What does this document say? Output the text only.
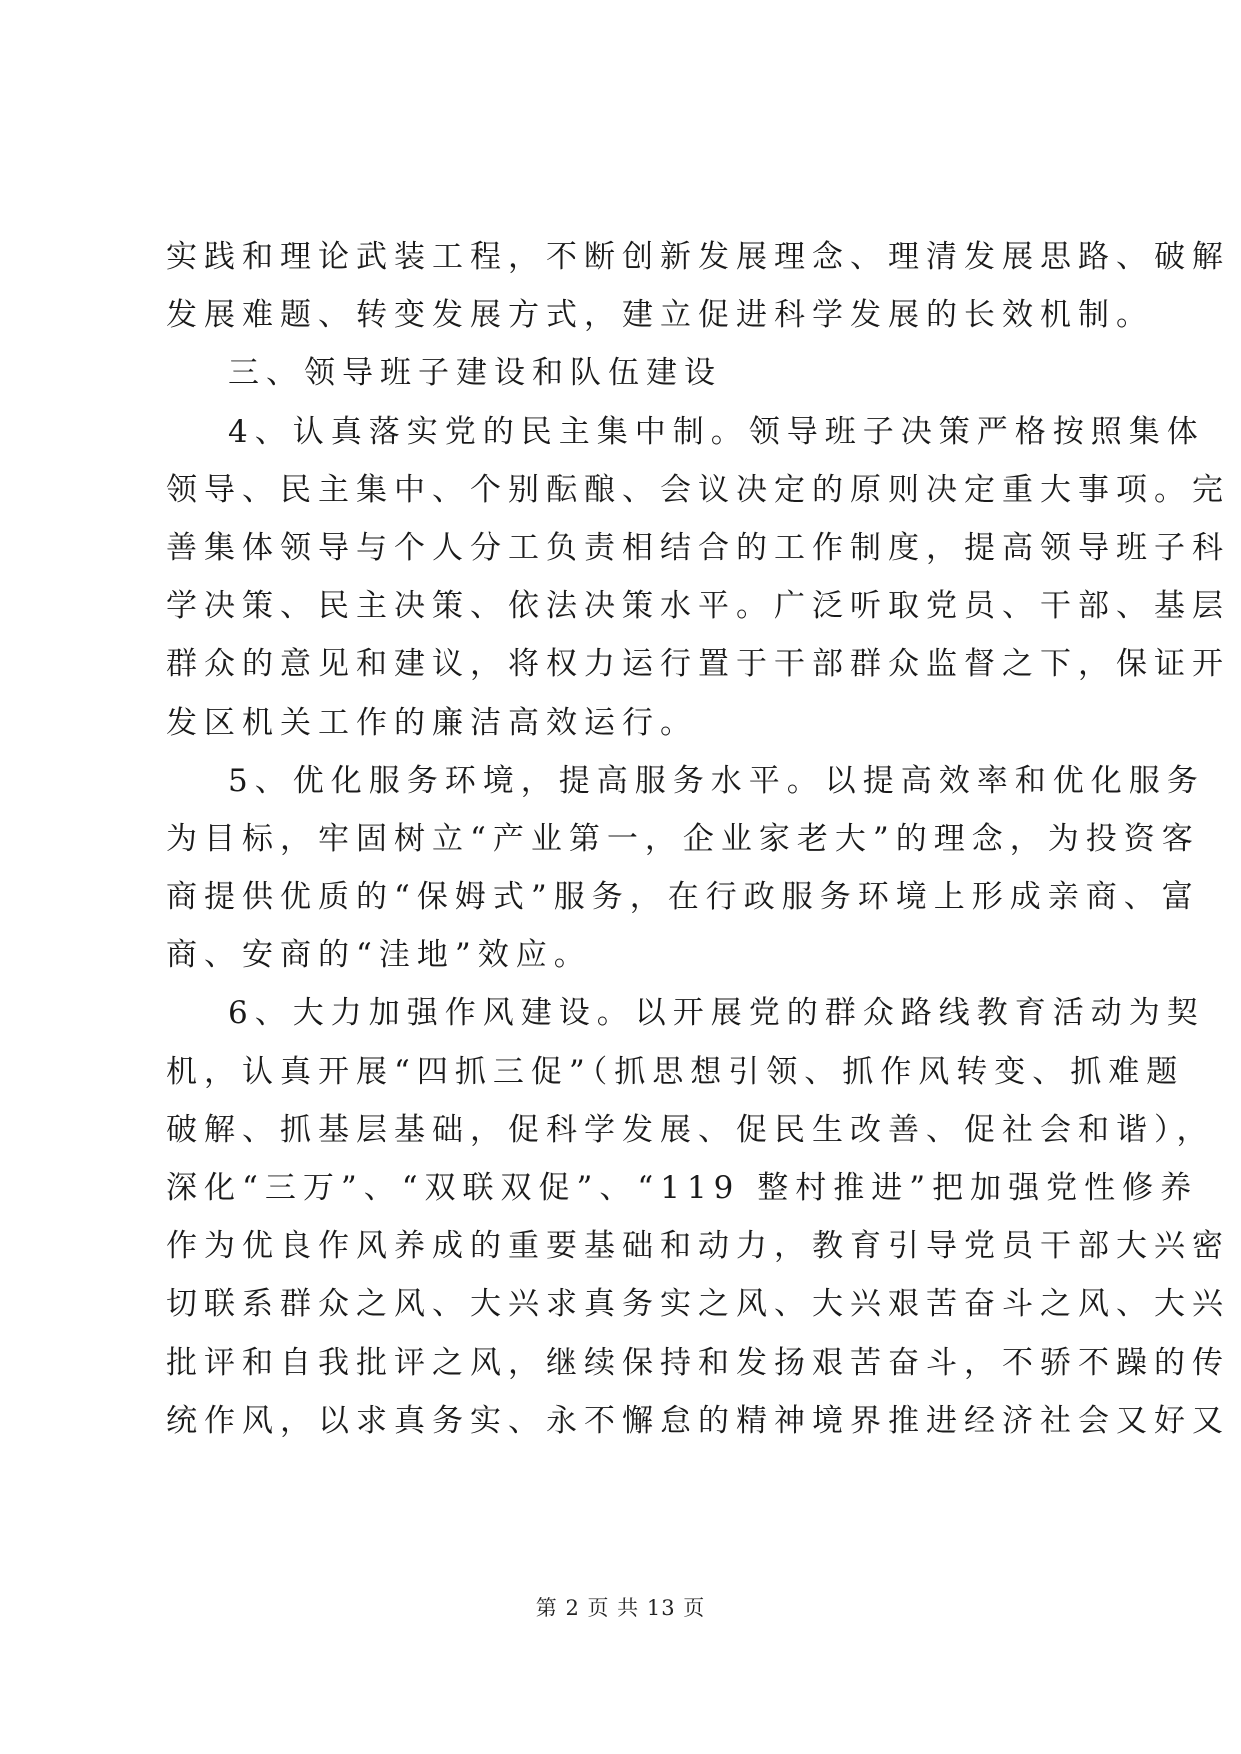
实践和理论武装工程，不断创新发展理念、理清发展思路、破解
发展难题、转变发展方式，建立促进科学发展的长效机制。
三、领导班子建设和队伍建设
4、认真落实党的民主集中制。领导班子决策严格按照集体
领导、民主集中、个别酝酿、会议决定的原则决定重大事项。完
善集体领导与个人分工负责相结合的工作制度，提高领导班子科
学决策、民主决策、依法决策水平。广泛听取党员、干部、基层
群众的意见和建议，将权力运行置于干部群众监督之下，保证开
发区机关工作的廉洁高效运行。
5、优化服务环境，提高服务水平。以提高效率和优化服务
为目标，牢固树立“产业第一，企业家老大”的理念，为投资客
商提供优质的“保姆式”服务，在行政服务环境上形成亲商、富
商、安商的“洼地”效应。
6、大力加强作风建设。以开展党的群众路线教育活动为契
机，认真开展“四抓三促”（抓思想引领、抓作风转变、抓难题
破解、抓基层基础，促科学发展、促民生改善、促社会和谐），
深化“三万”、“双联双促”、“119 整村推进”把加强党性修养
作为优良作风养成的重要基础和动力，教育引导党员干部大兴密
切联系群众之风、大兴求真务实之风、大兴艰苦奋斗之风、大兴
批评和自我批评之风，继续保持和发扬艰苦奋斗，不骄不躁的传
统作风，以求真务实、永不懈怠的精神境界推进经济社会又好又
第 2 页 共 13 页
